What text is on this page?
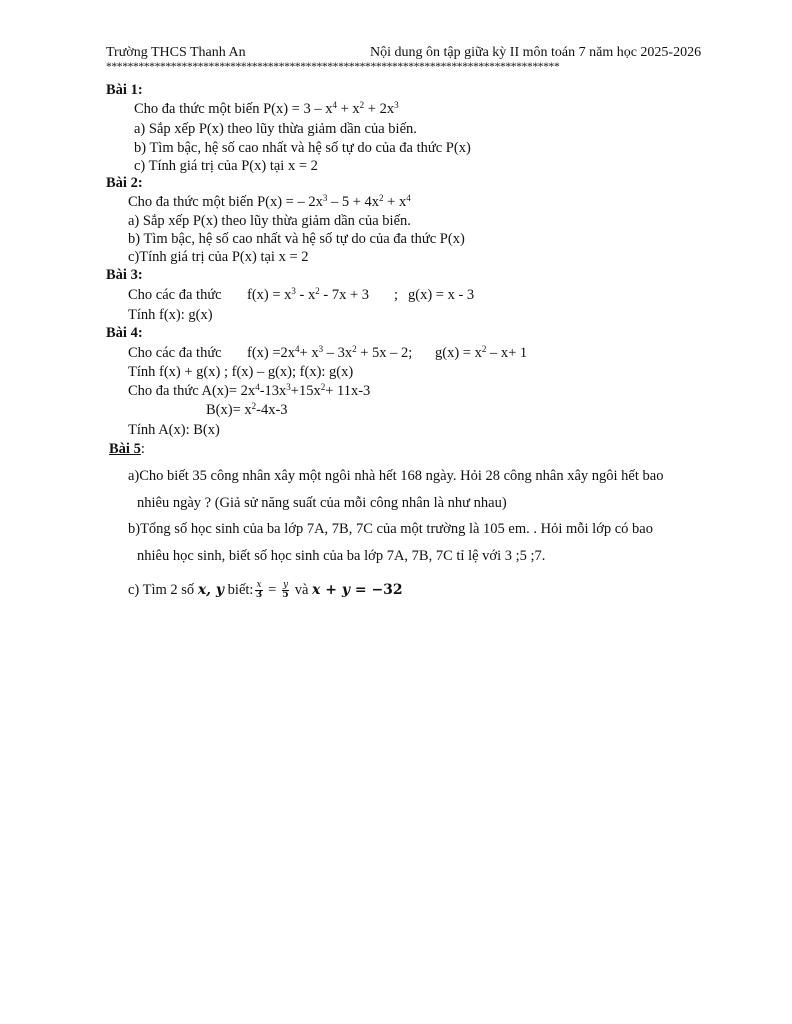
Trường THCS Thanh An	Nội dung ôn tập giữa kỳ II môn toán 7 năm học 2025-2026
************************************************************************************
Bài 1:
Cho đa thức một biến $P(x) = 3 - x^4 + x^2 + 2x^3$
a) Sắp xếp P(x) theo lũy thừa giảm dần của biến.
b) Tìm bậc, hệ số cao nhất và hệ số tự do của đa thức P(x)
c) Tính giá trị của P(x) tại x = 2
Bài 2:
Cho đa thức một biến P(x) = – $2x^3 - 5 + 4x^2 + x^4$
a) Sắp xếp P(x) theo lũy thừa giảm dần của biến.
b) Tìm bậc, hệ số cao nhất và hệ số tự do của đa thức P(x)
c)Tính giá trị của P(x) tại x = 2
Bài 3:
Cho các đa thức $f(x) = x^3 - x^2 - 7x + 3$ ; g(x) = x - 3
Tính f(x): g(x)
Bài 4:
Cho các đa thức $f(x) =2x^4+ x^3 - 3x^2 + 5x - 2$; $g(x) = x^2 - x+ 1$
Tính f(x) + g(x) ; f(x) – g(x); f(x): g(x)
Cho đa thức $A(x)= 2x^4-13x^3+15x^2+ 11x-3$
$B(x)= x^2-4x-3$
Tính A(x): B(x)
Bài 5:
a)Cho biết 35 công nhân xây một ngôi nhà hết 168 ngày. Hỏi 28 công nhân xây ngôi hết bao
nhiêu ngày ? (Giả sử năng suất của mỗi công nhân là như nhau)
b)Tổng số học sinh của ba lớp 7A, 7B, 7C của một trường là 105 em. . Hỏi mỗi lớp có bao
nhiêu học sinh, biết số học sinh của ba lớp 7A, 7B, 7C tỉ lệ với 3 ;5 ;7.
c) Tìm 2 số x, y biết: $\frac{x}{3} = \frac{y}{5}$ và x + y = −32
